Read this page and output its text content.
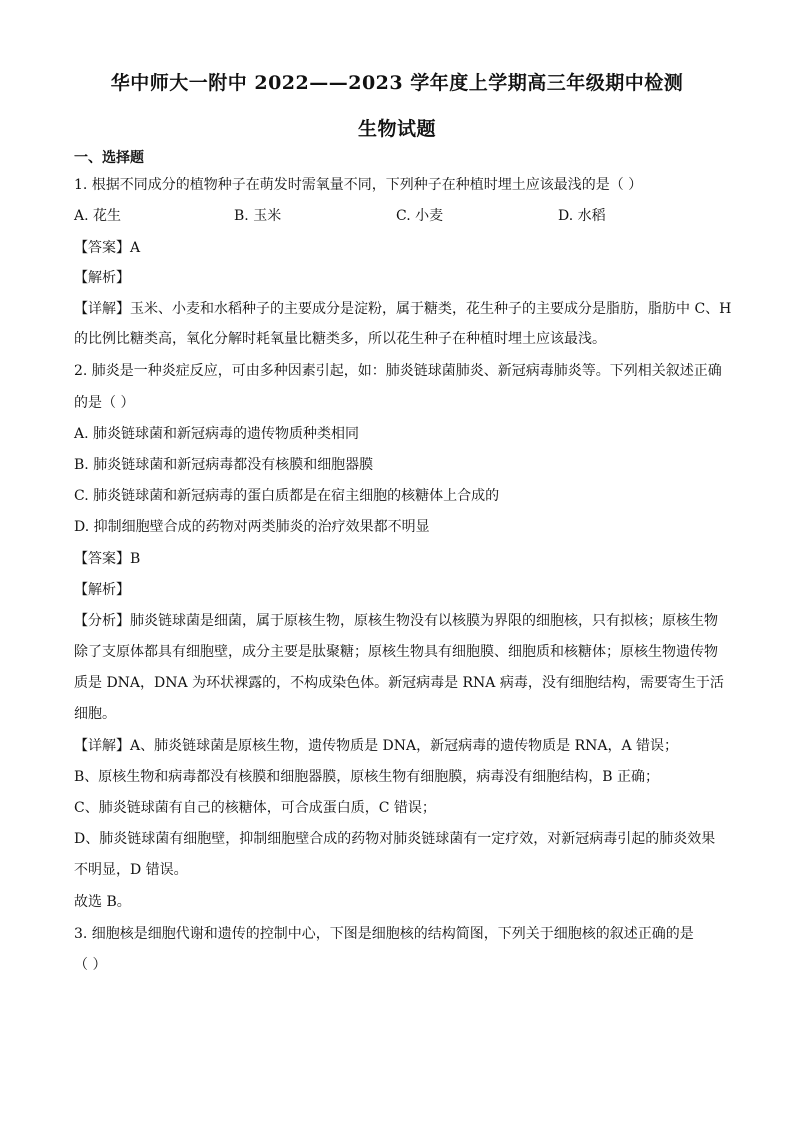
华中师大一附中 2022——2023 学年度上学期高三年级期中检测
生物试题
一、选择题
1. 根据不同成分的植物种子在萌发时需氧量不同，下列种子在种植时埋土应该最浅的是（ ）
A. 花生	B. 玉米	C. 小麦	D. 水稻
【答案】A
【解析】
【详解】玉米、小麦和水稻种子的主要成分是淀粉，属于糖类，花生种子的主要成分是脂肪，脂肪中 C、H
的比例比糖类高，氧化分解时耗氧量比糖类多，所以花生种子在种植时埋土应该最浅。
2. 肺炎是一种炎症反应，可由多种因素引起，如：肺炎链球菌肺炎、新冠病毒肺炎等。下列相关叙述正确
的是（ ）
A. 肺炎链球菌和新冠病毒的遗传物质种类相同
B. 肺炎链球菌和新冠病毒都没有核膜和细胞器膜
C. 肺炎链球菌和新冠病毒的蛋白质都是在宿主细胞的核糖体上合成的
D. 抑制细胞壁合成的药物对两类肺炎的治疗效果都不明显
【答案】B
【解析】
【分析】肺炎链球菌是细菌，属于原核生物，原核生物没有以核膜为界限的细胞核，只有拟核；原核生物
除了支原体都具有细胞壁，成分主要是肽聚糖；原核生物具有细胞膜、细胞质和核糖体；原核生物遗传物
质是 DNA，DNA 为环状裸露的，不构成染色体。新冠病毒是 RNA 病毒，没有细胞结构，需要寄生于活
细胞。
【详解】A、肺炎链球菌是原核生物，遗传物质是 DNA，新冠病毒的遗传物质是 RNA，A 错误；
B、原核生物和病毒都没有核膜和细胞器膜，原核生物有细胞膜，病毒没有细胞结构，B 正确；
C、肺炎链球菌有自己的核糖体，可合成蛋白质，C 错误；
D、肺炎链球菌有细胞壁，抑制细胞壁合成的药物对肺炎链球菌有一定疗效，对新冠病毒引起的肺炎效果
不明显，D 错误。
故选 B。
3. 细胞核是细胞代谢和遗传的控制中心，下图是细胞核的结构简图，下列关于细胞核的叙述正确的是
（ ）
